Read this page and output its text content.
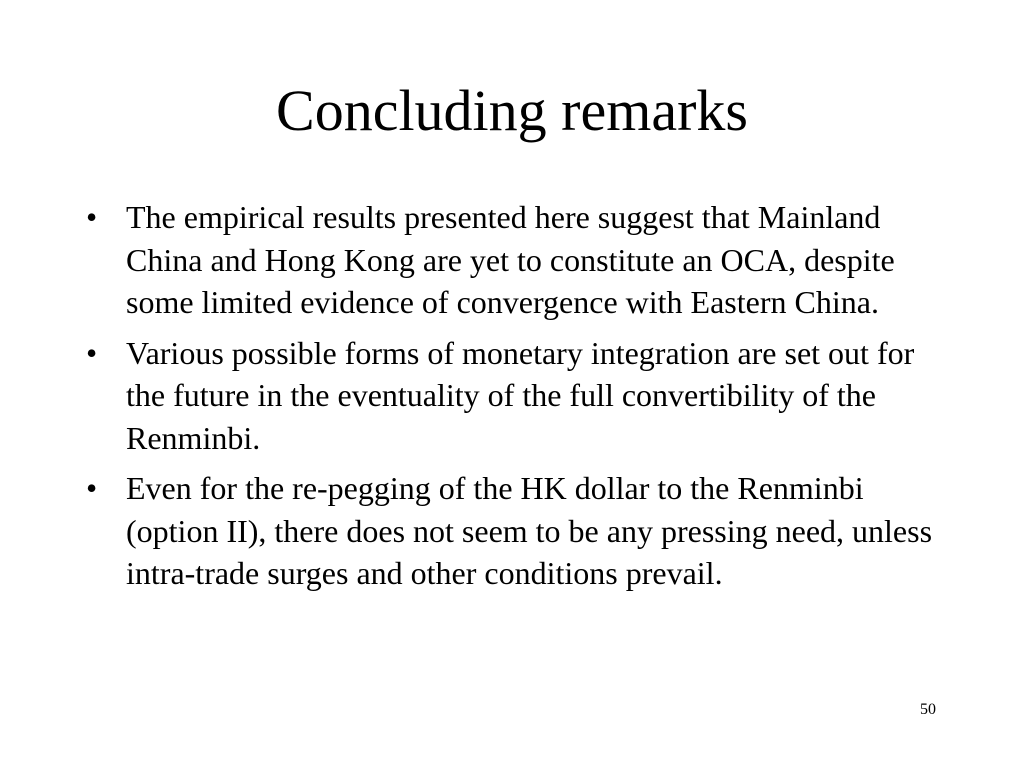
Concluding remarks
• The empirical results presented here suggest that Mainland China and Hong Kong are yet to constitute an OCA, despite some limited evidence of convergence with Eastern China.
• Various possible forms of monetary integration are set out for the future in the eventuality of the full convertibility of the Renminbi.
• Even for the re-pegging of the HK dollar to the Renminbi (option II), there does not seem to be any pressing need, unless intra-trade surges and other conditions prevail.
50
